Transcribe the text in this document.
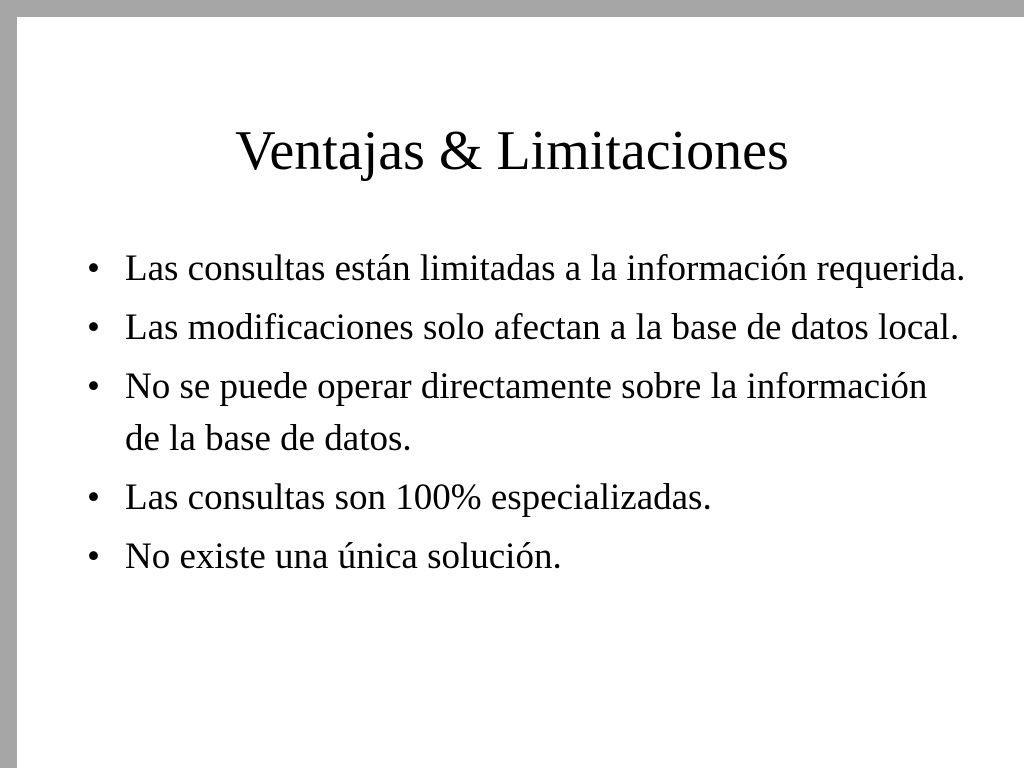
Ventajas & Limitaciones
• Las consultas están limitadas a la información requerida.
• Las modificaciones solo afectan a la base de datos local.
• No se puede operar directamente sobre la información de la base de datos.
• Las consultas son 100% especializadas.
• No existe una única solución.
